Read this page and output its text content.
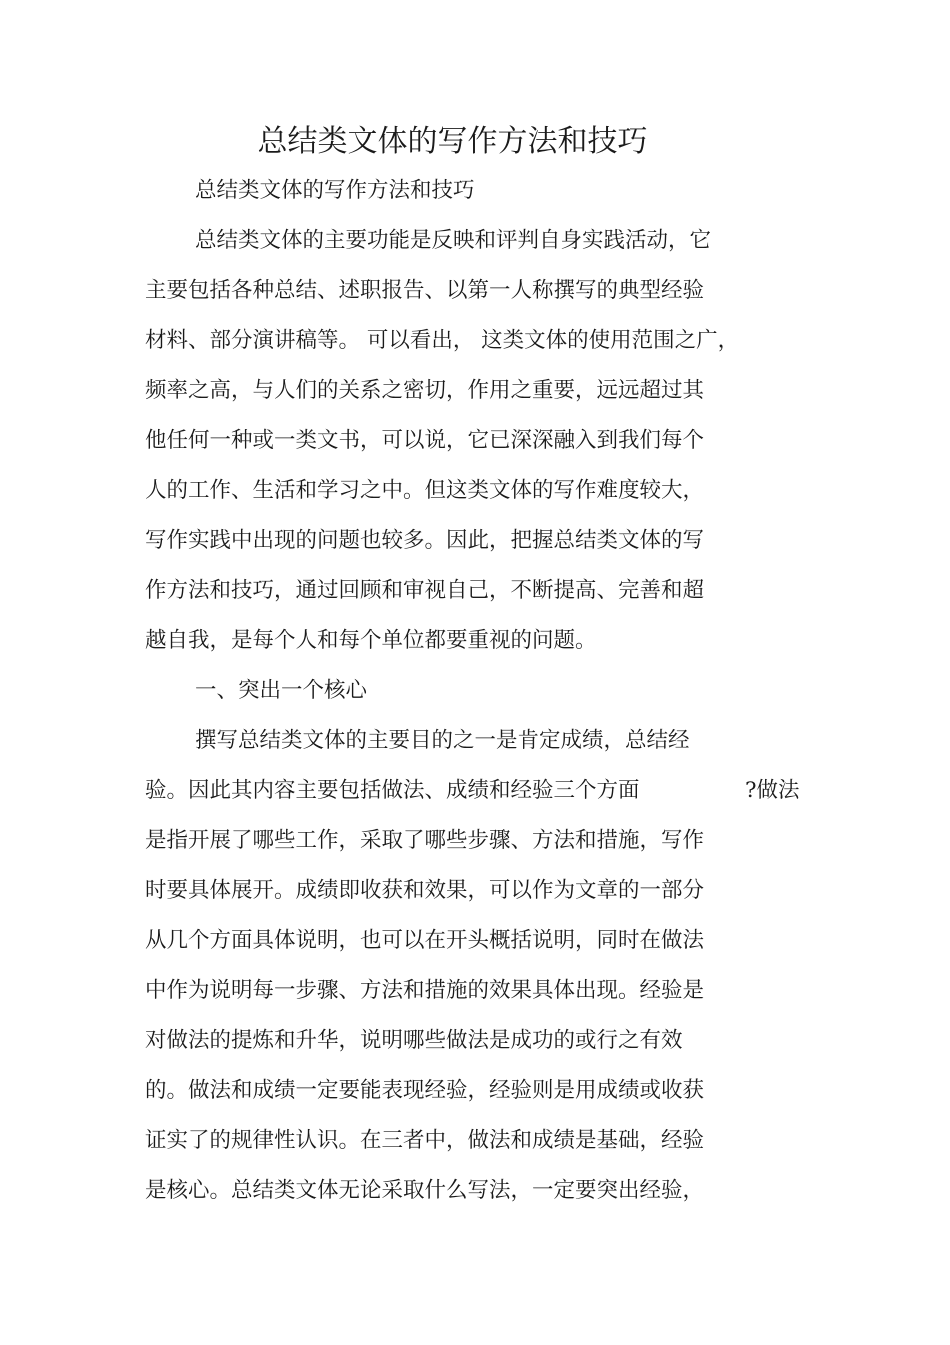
总结类文体的写作方法和技巧
总结类文体的写作方法和技巧
总结类文体的主要功能是反映和评判自身实践活动，它
主要包括各种总结、述职报告、以第一人称撰写的典型经验
材料、部分演讲稿等。 可以看出， 这类文体的使用范围之广，
频率之高，与人们的关系之密切，作用之重要，远远超过其
他任何一种或一类文书，可以说，它已深深融入到我们每个
人的工作、生活和学习之中。但这类文体的写作难度较大，
写作实践中出现的问题也较多。因此，把握总结类文体的写
作方法和技巧，通过回顾和审视自己，不断提高、完善和超
越自我，是每个人和每个单位都要重视的问题。
一、突出一个核心
撰写总结类文体的主要目的之一是肯定成绩，总结经
验。因此其内容主要包括做法、成绩和经验三个方面	?做法
是指开展了哪些工作，采取了哪些步骤、方法和措施，写作
时要具体展开。成绩即收获和效果，可以作为文章的一部分
从几个方面具体说明，也可以在开头概括说明，同时在做法
中作为说明每一步骤、方法和措施的效果具体出现。经验是
对做法的提炼和升华，说明哪些做法是成功的或行之有效
的。做法和成绩一定要能表现经验，经验则是用成绩或收获
证实了的规律性认识。在三者中，做法和成绩是基础，经验
是核心。总结类文体无论采取什么写法，一定要突出经验，
